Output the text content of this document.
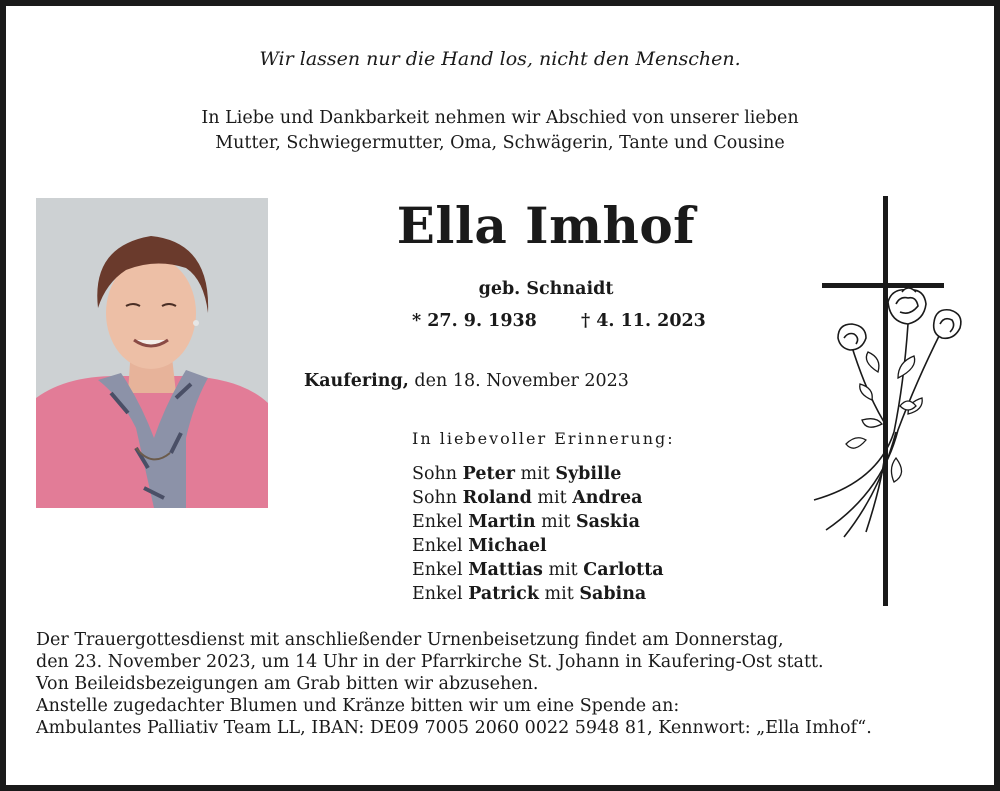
Wir lassen nur die Hand los, nicht den Menschen.
In Liebe und Dankbarkeit nehmen wir Abschied von unserer lieben
Mutter, Schwiegermutter, Oma, Schwägerin, Tante und Cousine
Ella Imhof
geb. Schnaidt
* 27. 9. 1938	† 4. 11. 2023
Kaufering, den 18. November 2023
In liebevoller Erinnerung:
Sohn Peter mit Sybille
Sohn Roland mit Andrea
Enkel Martin mit Saskia
Enkel Michael
Enkel Mattias mit Carlotta
Enkel Patrick mit Sabina
Der Trauergottesdienst mit anschließender Urnenbeisetzung findet am Donnerstag,
den 23. November 2023, um 14 Uhr in der Pfarrkirche St. Johann in Kaufering-Ost statt.
Von Beileidsbezeigungen am Grab bitten wir abzusehen.
Anstelle zugedachter Blumen und Kränze bitten wir um eine Spende an:
Ambulantes Palliativ Team LL, IBAN: DE09 7005 2060 0022 5948 81, Kennwort: „Ella Imhof“.
